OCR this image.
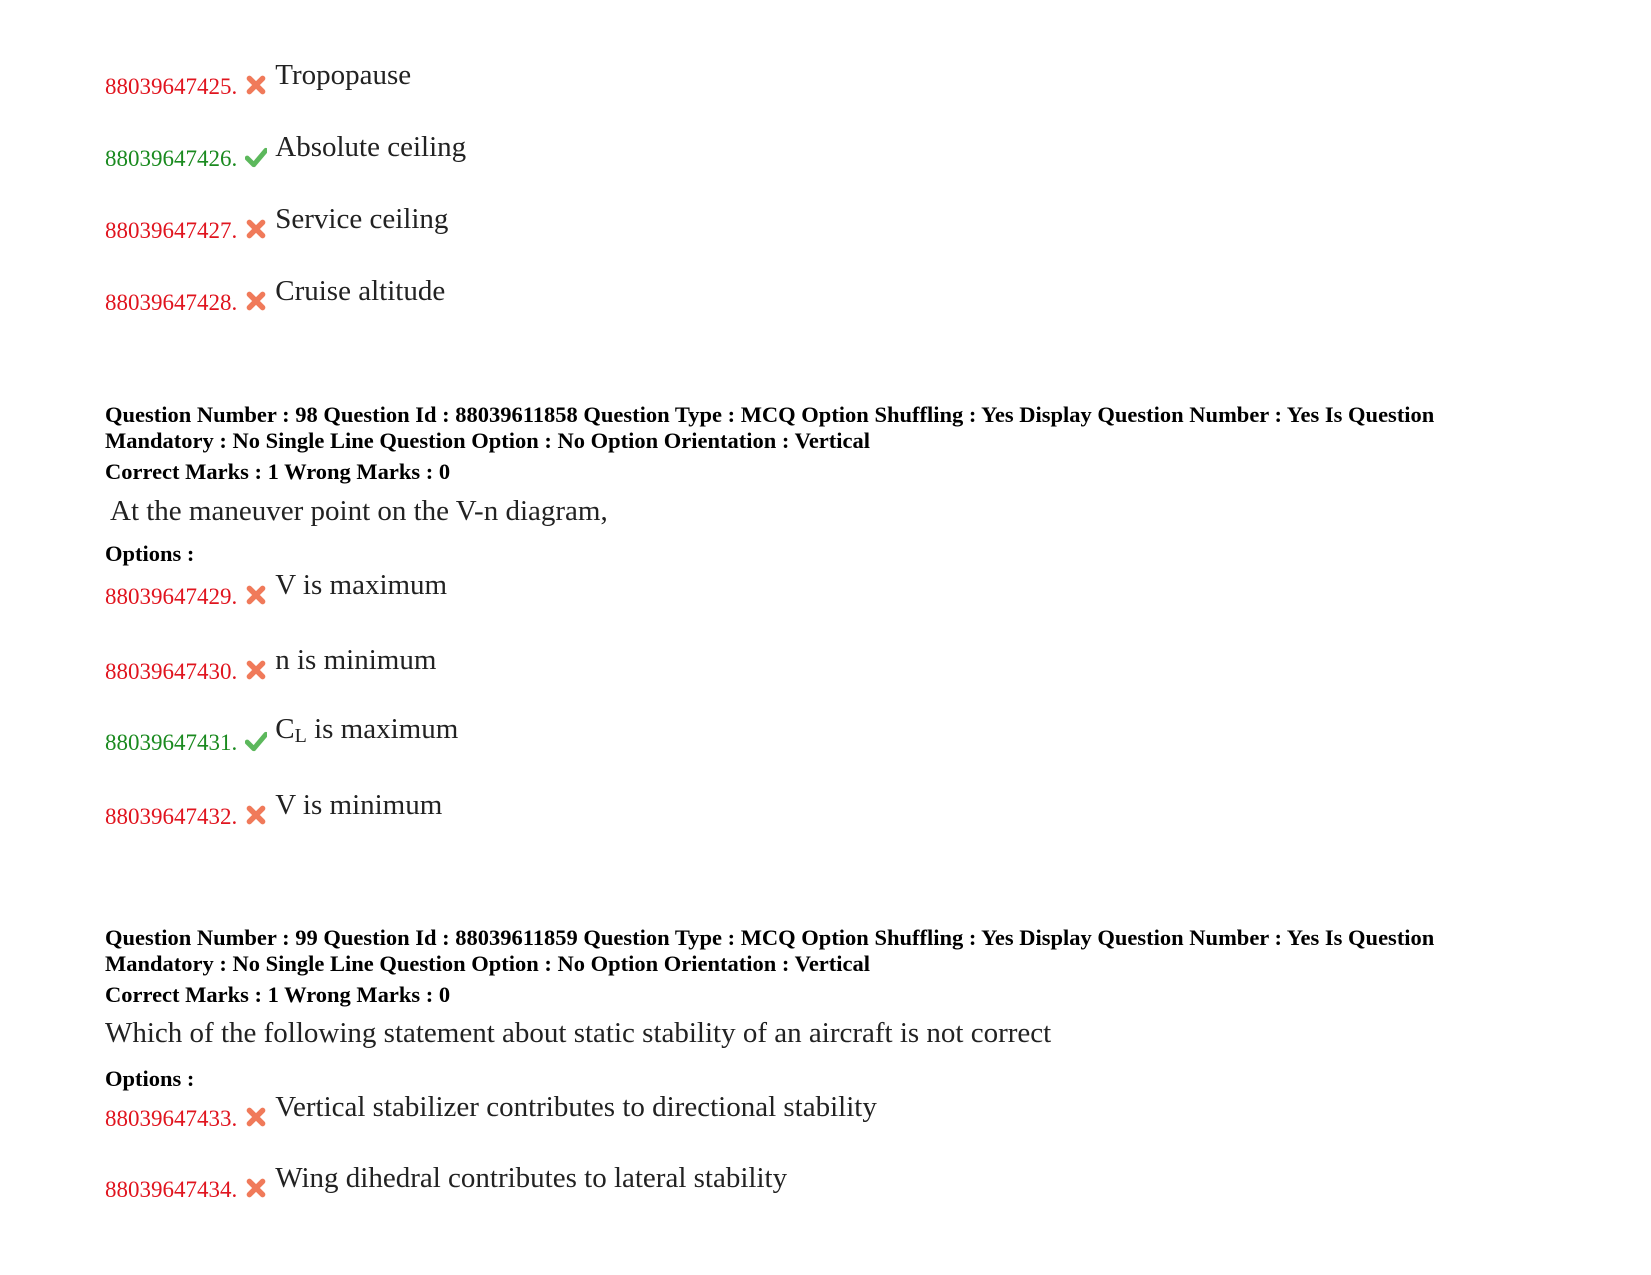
88039647425. Tropopause
88039647426. Absolute ceiling
88039647427. Service ceiling
88039647428. Cruise altitude
Question Number : 98 Question Id : 88039611858 Question Type : MCQ Option Shuffling : Yes Display Question Number : Yes Is Question Mandatory : No Single Line Question Option : No Option Orientation : Vertical
Correct Marks : 1 Wrong Marks : 0
At the maneuver point on the V-n diagram,
Options :
88039647429. V is maximum
88039647430. n is minimum
88039647431. $C_L$ is maximum
88039647432. V is minimum
Question Number : 99 Question Id : 88039611859 Question Type : MCQ Option Shuffling : Yes Display Question Number : Yes Is Question Mandatory : No Single Line Question Option : No Option Orientation : Vertical
Correct Marks : 1 Wrong Marks : 0
Which of the following statement about static stability of an aircraft is not correct
Options :
88039647433. Vertical stabilizer contributes to directional stability
88039647434. Wing dihedral contributes to lateral stability
